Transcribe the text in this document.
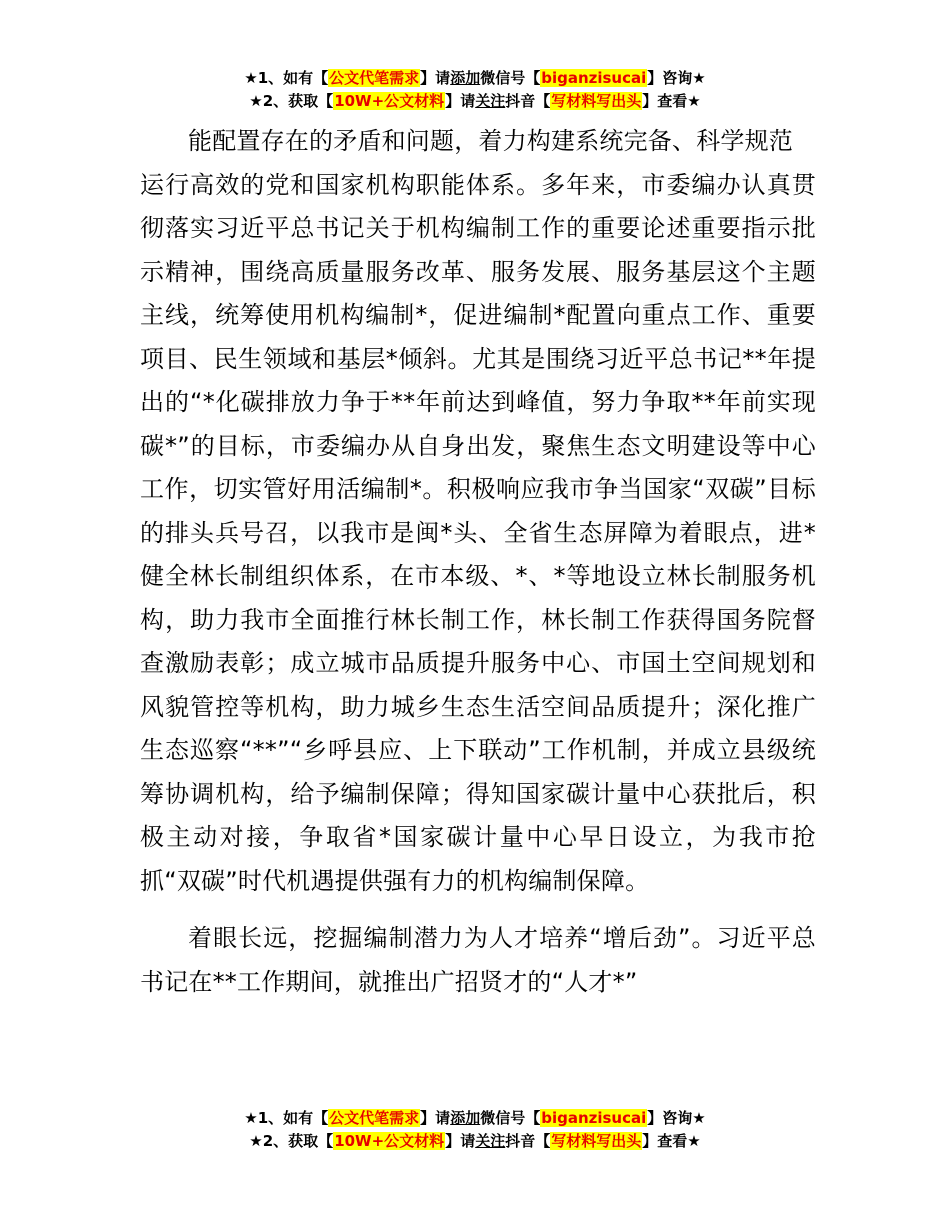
★1、如有【公文代笔需求】请添加微信号【biganzisucai】咨询★
★2、获取【10W+公文材料】请关注抖音【写材料写出头】查看★

能配置存在的矛盾和问题，着力构建系统完备、科学规范
运行高效的党和国家机构职能体系。多年来，市委编办认真贯彻落实习近平总书记关于机构编制工作的重要论述重要指示批示精神，围绕高质量服务改革、服务发展、服务基层这个主题主线，统筹使用机构编制*，促进编制*配置向重点工作、重要项目、民生领域和基层*倾斜。尤其是围绕习近平总书记**年提出的“*化碳排放力争于**年前达到峰值，努力争取**年前实现碳*”的目标，市委编办从自身出发，聚焦生态文明建设等中心工作，切实管好用活编制*。积极响应我市争当国家“双碳”目标的排头兵号召，以我市是闽*头、全省生态屏障为着眼点，进*健全林长制组织体系，在市本级、*、*等地设立林长制服务机构，助力我市全面推行林长制工作，林长制工作获得国务院督查激励表彰；成立城市品质提升服务中心、市国土空间规划和风貌管控等机构，助力城乡生态生活空间品质提升；深化推广生态巡察“**”“乡呼县应、上下联动”工作机制，并成立县级统筹协调机构，给予编制保障；得知国家碳计量中心获批后，积极主动对接，争取省*国家碳计量中心早日设立，为我市抢抓“双碳”时代机遇提供强有力的机构编制保障。

着眼长远，挖掘编制潜力为人才培养“增后劲”。习近平总书记在**工作期间，就推出广招贤才的“人才*”

★1、如有【公文代笔需求】请添加微信号【biganzisucai】咨询★
★2、获取【10W+公文材料】请关注抖音【写材料写出头】查看★
